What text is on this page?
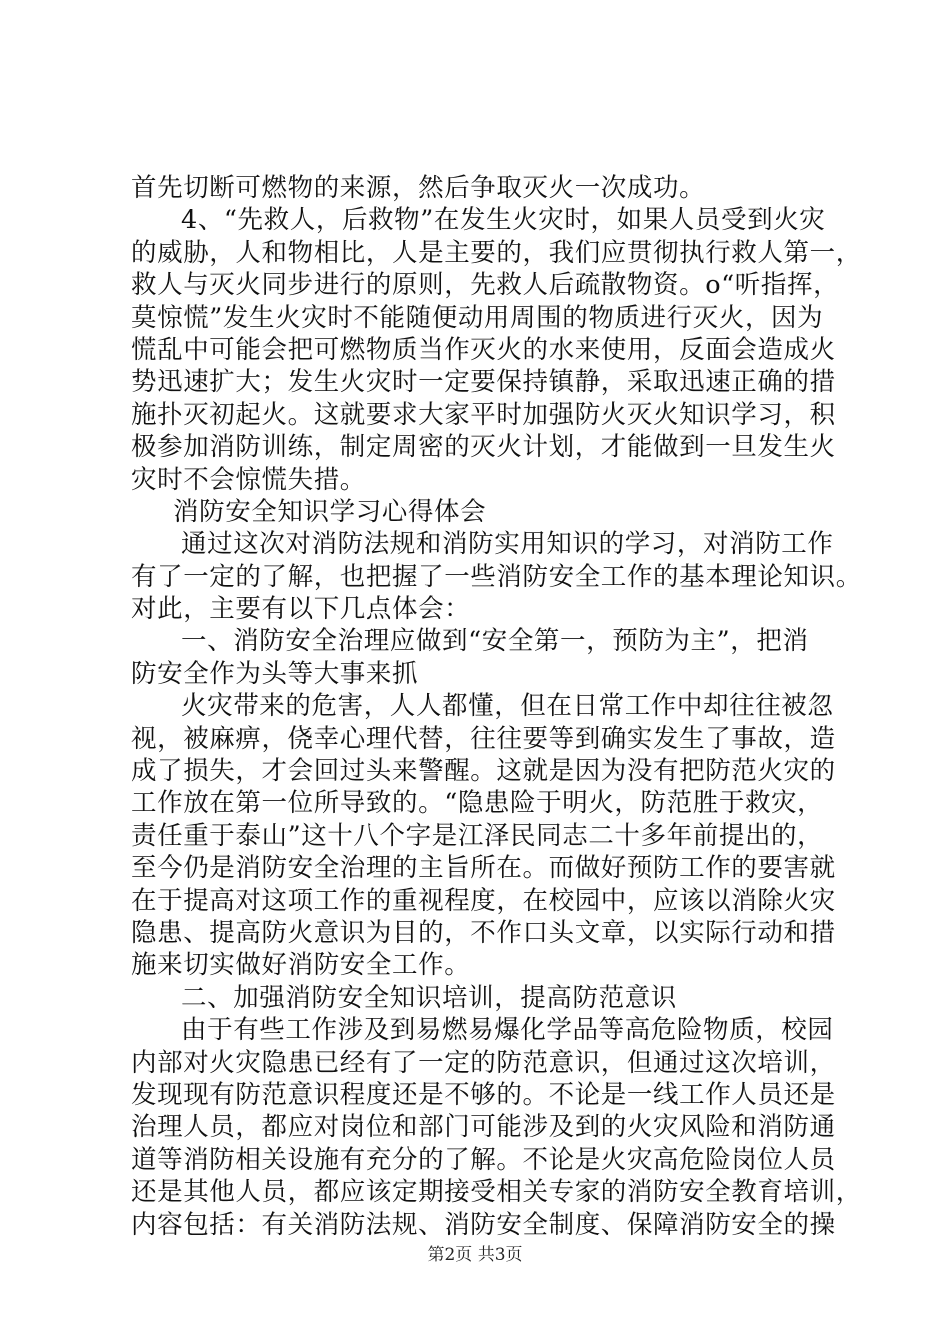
首先切断可燃物的来源，然后争取灭火一次成功。
4、“先救人，后救物”在发生火灾时，如果人员受到火灾
的威胁，人和物相比，人是主要的，我们应贯彻执行救人第一，
救人与灭火同步进行的原则，先救人后疏散物资。o“听指挥，
莫惊慌”发生火灾时不能随便动用周围的物质进行灭火，因为
慌乱中可能会把可燃物质当作灭火的水来使用，反面会造成火
势迅速扩大；发生火灾时一定要保持镇静，采取迅速正确的措
施扑灭初起火。这就要求大家平时加强防火灭火知识学习，积
极参加消防训练，制定周密的灭火计划，才能做到一旦发生火
灾时不会惊慌失措。
消防安全知识学习心得体会
通过这次对消防法规和消防实用知识的学习，对消防工作
有了一定的了解，也把握了一些消防安全工作的基本理论知识。
对此，主要有以下几点体会：
一、消防安全治理应做到“安全第一，预防为主”，把消
防安全作为头等大事来抓
火灾带来的危害，人人都懂，但在日常工作中却往往被忽
视，被麻痹，侥幸心理代替，往往要等到确实发生了事故，造
成了损失，才会回过头来警醒。这就是因为没有把防范火灾的
工作放在第一位所导致的。“隐患险于明火，防范胜于救灾，
责任重于泰山”这十八个字是江泽民同志二十多年前提出的，
至今仍是消防安全治理的主旨所在。而做好预防工作的要害就
在于提高对这项工作的重视程度，在校园中，应该以消除火灾
隐患、提高防火意识为目的，不作口头文章，以实际行动和措
施来切实做好消防安全工作。
二、加强消防安全知识培训，提高防范意识
由于有些工作涉及到易燃易爆化学品等高危险物质，校园
内部对火灾隐患已经有了一定的防范意识，但通过这次培训，
发现现有防范意识程度还是不够的。不论是一线工作人员还是
治理人员，都应对岗位和部门可能涉及到的火灾风险和消防通
道等消防相关设施有充分的了解。不论是火灾高危险岗位人员
还是其他人员，都应该定期接受相关专家的消防安全教育培训，
内容包括：有关消防法规、消防安全制度、保障消防安全的操
第2页 共3页
